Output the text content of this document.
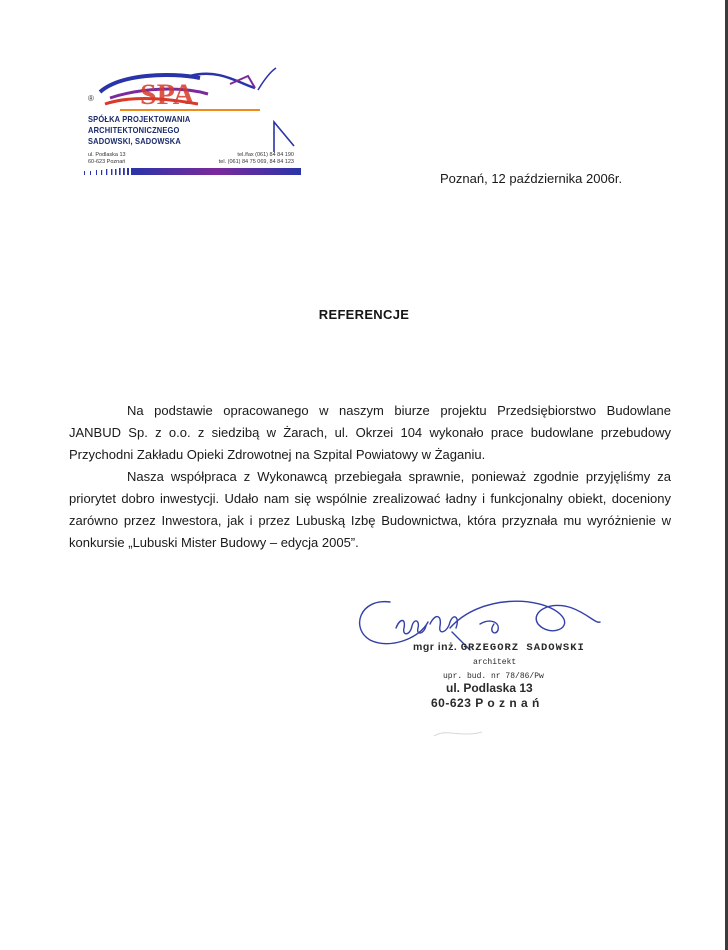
SPA
®
SPÓŁKA PROJEKTOWANIA ARCHITEKTONICZNEGO
SADOWSKI, SADOWSKA
ul. Podlaska 13
60-623 Poznań
tel./fax (061) 84 84 190
tel. (061) 84 75 069, 84 84 123
Poznań, 12 października 2006r.
REFERENCJE

Na podstawie opracowanego w naszym biurze projektu Przedsiębiorstwo Budowlane JANBUD Sp. z o.o. z siedzibą w Żarach, ul. Okrzei 104 wykonało prace budowlane przebudowy Przychodni Zakładu Opieki Zdrowotnej na Szpital Powiatowy w Żaganiu.

Nasza współpraca z Wykonawcą przebiegała sprawnie, ponieważ zgodnie przyjęliśmy za priorytet dobro inwestycji. Udało nam się wspólnie zrealizować ładny i funkcjonalny obiekt, doceniony zarówno przez Inwestora, jak i przez Lubuską Izbę Budownictwa, która przyznała mu wyróżnienie w konkursie „Lubuski Mister Budowy – edycja 2005”.

mgr inż. GRZEGORZ SADOWSKI
architekt
upr. bud. nr 78/86/Pw
ul. Podlaska 13
60-623 P o z n a ń
